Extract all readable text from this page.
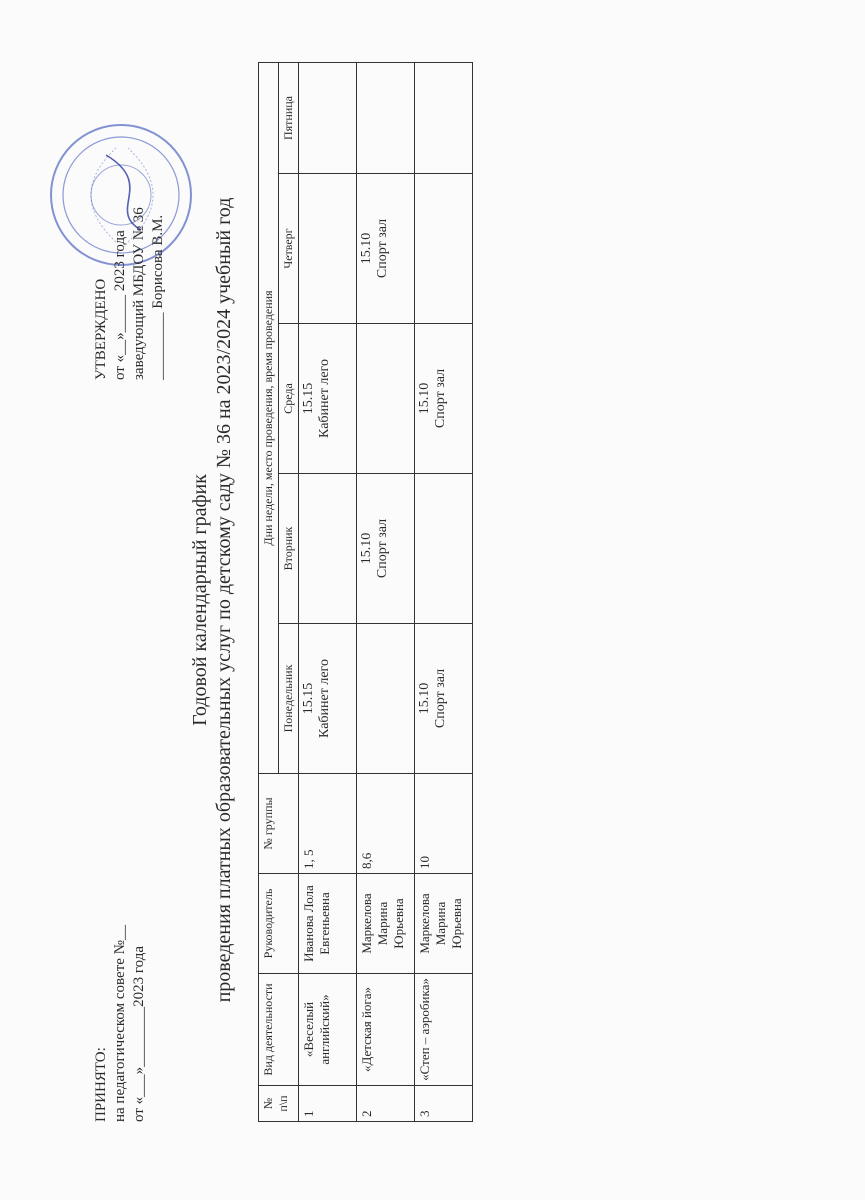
ПРИНЯТО: на педагогическом совете №__ от «___»________2023 года
УТВЕРЖДЕНО от «__»_____ 2023 года заведующий МБДОУ № 36 _________ Борисова В.М.
Годовой календарный график проведения платных образовательных услуг по детскому саду № 36 на 2023/2024 учебный год
№ п\п	Вид деятельности	Руководитель	№ группы	Дни недели, место проведения, время проведения				
				Понедельник	Вторник	Среда	Четверг	Пятница
1	«Веселый английский»	Иванова Лола Евгеньевна	1, 5	15.15 Кабинет лего		15.15 Кабинет лего		

2	«Детская йога»	Маркелова Марина Юрьевна	8,6		15.10 Спорт зал		15.10 Спорт зал	

3	«Степ – аэробика»	Маркелова Марина Юрьевна	10	15.10 Спорт зал		15.10 Спорт зал		
